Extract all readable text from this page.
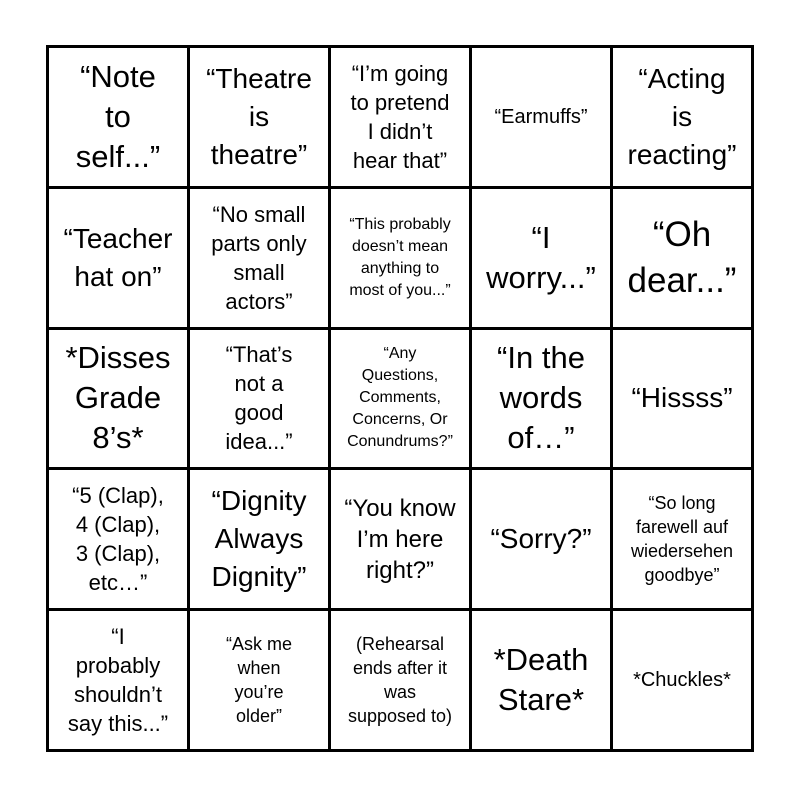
“Note
to
self...”
“Theatre
is
theatre”
“I’m going
to pretend
I didn’t
hear that”
“Earmuffs”
“Acting
is
reacting”
“Teacher
hat on”
“No small
parts only
small
actors”
“This probably
doesn’t mean
anything to
most of you...”
“I
worry...”
“Oh
dear...”
*Disses
Grade
8’s*
“That’s
not a
good
idea...”
“Any
Questions,
Comments,
Concerns, Or
Conundrums?”
“In the
words
of…”
“Hissss”
“5 (Clap),
4 (Clap),
3 (Clap),
etc…”
“Dignity
Always
Dignity”
“You know
I’m here
right?”
“Sorry?”
“So long
farewell auf
wiedersehen
goodbye”
“I
probably
shouldn’t
say this...”
“Ask me
when
you’re
older”
(Rehearsal
ends after it
was
supposed to)
*Death
Stare*
*Chuckles*
